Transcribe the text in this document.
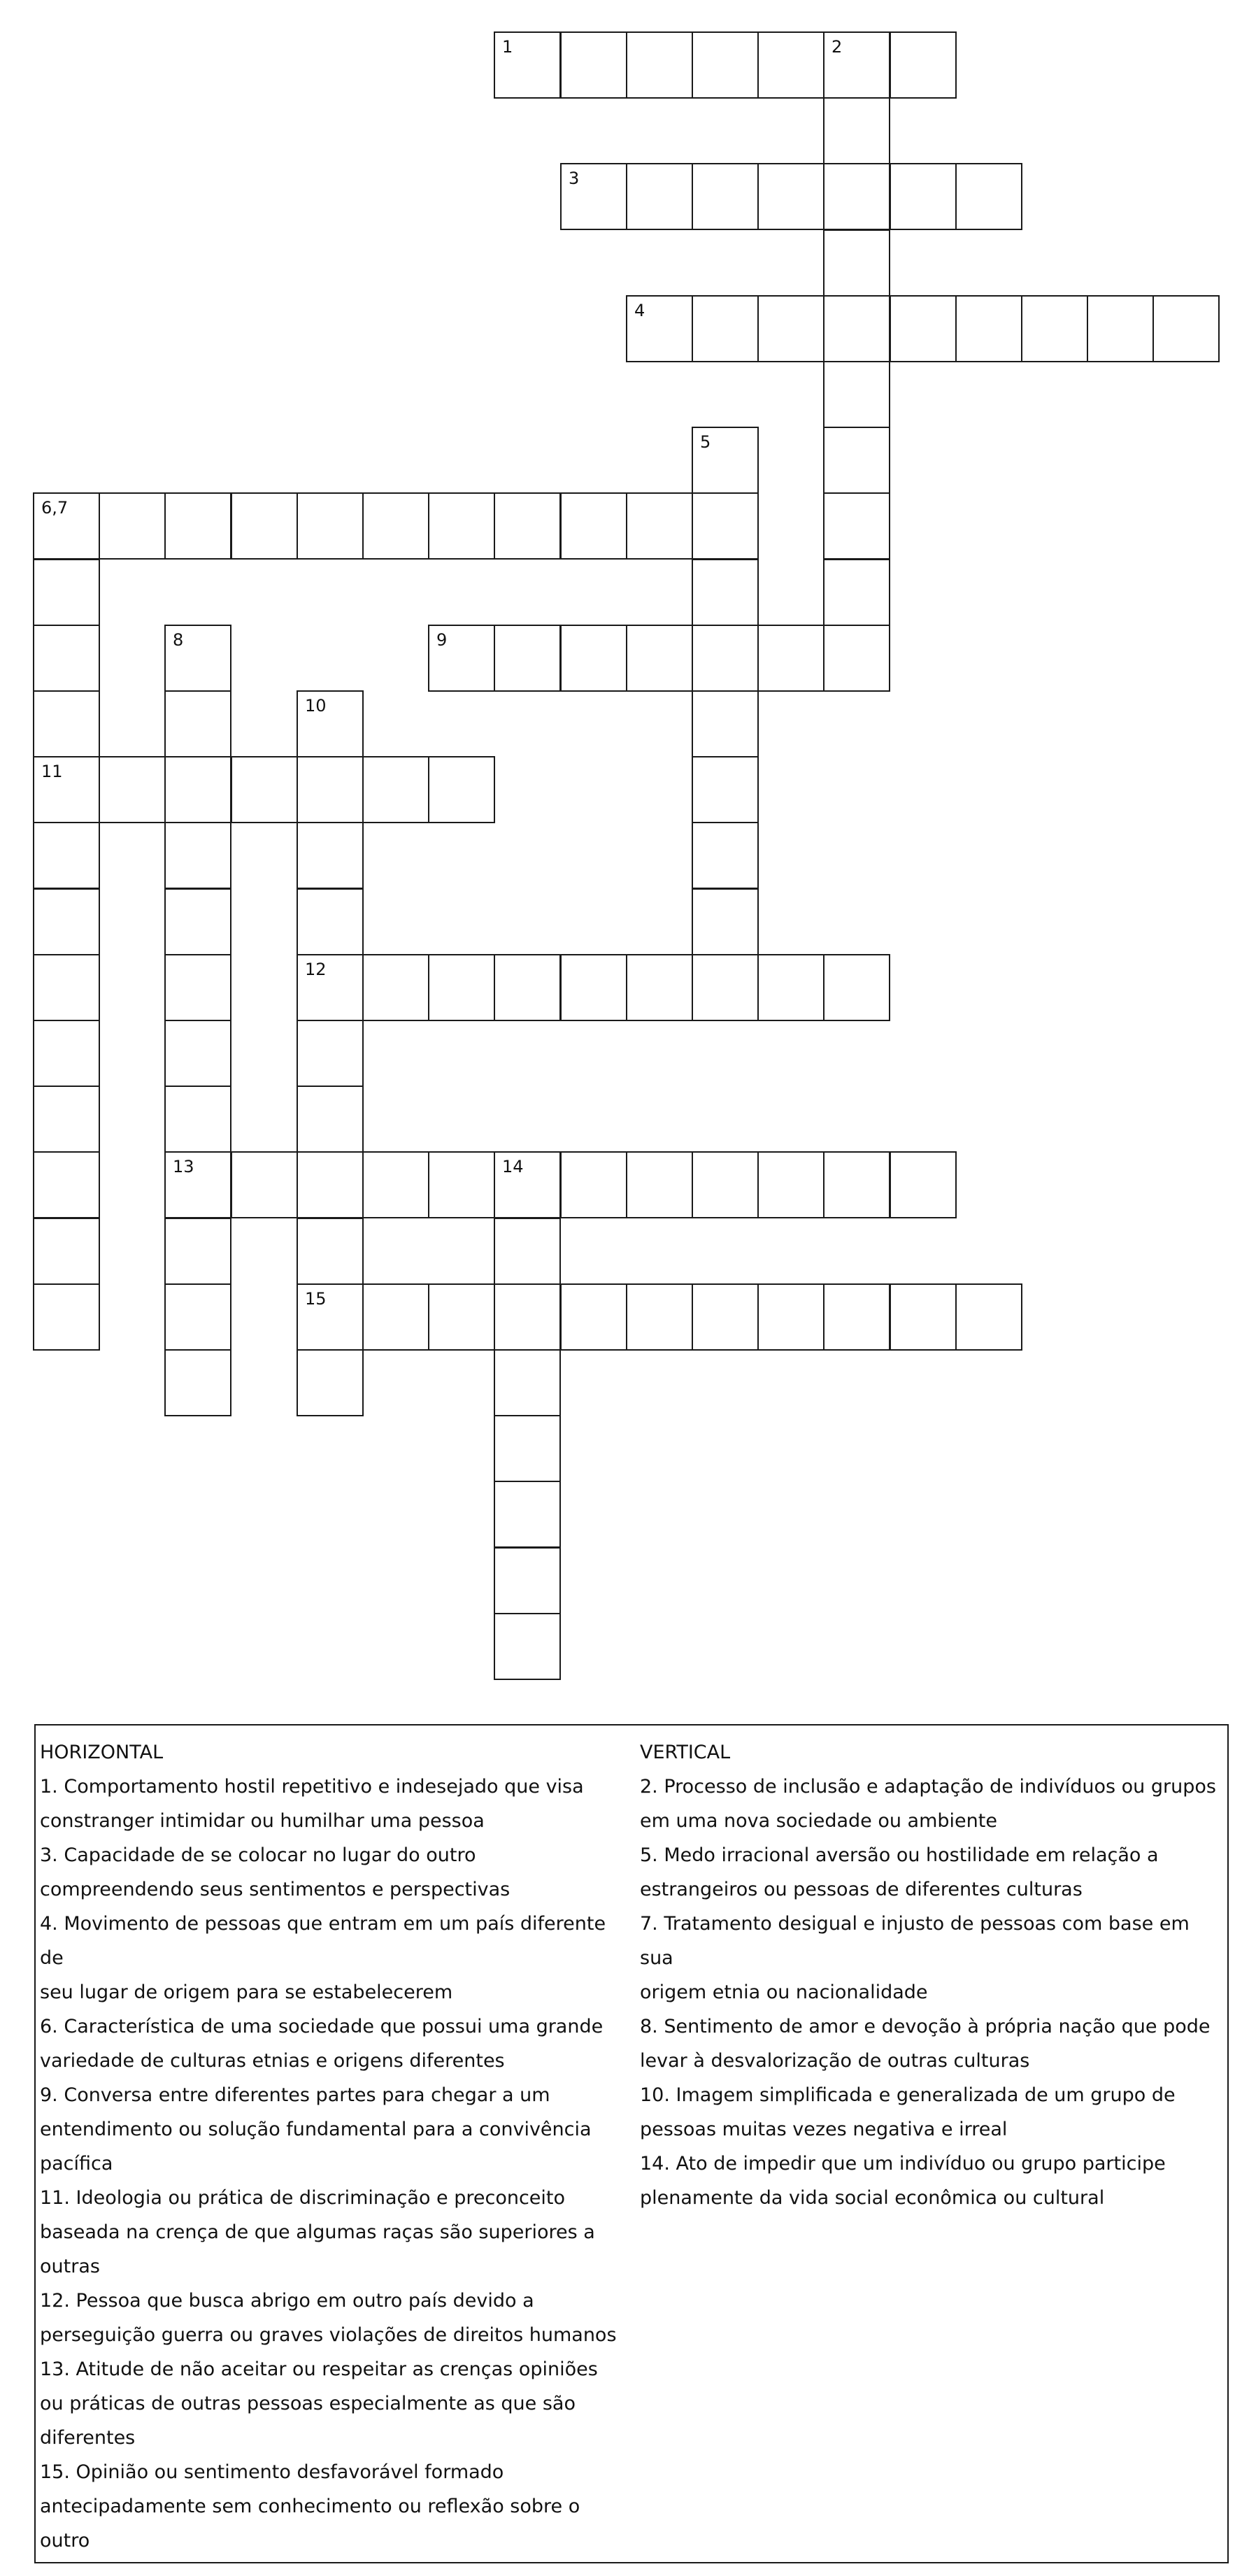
1	2
3
4
5
6,7
8	9
10
11
12
13	14
15

HORIZONTAL

1. Comportamento hostil repetitivo e indesejado que visa

constranger intimidar ou humilhar uma pessoa

3. Capacidade de se colocar no lugar do outro

compreendendo seus sentimentos e perspectivas

4. Movimento de pessoas que entram em um país diferente de

seu lugar de origem para se estabelecerem

6. Característica de uma sociedade que possui uma grande

variedade de culturas etnias e origens diferentes

9. Conversa entre diferentes partes para chegar a um

entendimento ou solução fundamental para a convivência

pacífica

11. Ideologia ou prática de discriminação e preconceito

baseada na crença de que algumas raças são superiores a

outras

12. Pessoa que busca abrigo em outro país devido a

perseguição guerra ou graves violações de direitos humanos

13. Atitude de não aceitar ou respeitar as crenças opiniões

ou práticas de outras pessoas especialmente as que são

diferentes

15. Opinião ou sentimento desfavorável formado

antecipadamente sem conhecimento ou reflexão sobre o

outro

VERTICAL

2. Processo de inclusão e adaptação de indivíduos ou grupos

em uma nova sociedade ou ambiente

5. Medo irracional aversão ou hostilidade em relação a

estrangeiros ou pessoas de diferentes culturas

7. Tratamento desigual e injusto de pessoas com base em sua

origem etnia ou nacionalidade

8. Sentimento de amor e devoção à própria nação que pode

levar à desvalorização de outras culturas

10. Imagem simplificada e generalizada de um grupo de

pessoas muitas vezes negativa e irreal

14. Ato de impedir que um indivíduo ou grupo participe

plenamente da vida social econômica ou cultural
